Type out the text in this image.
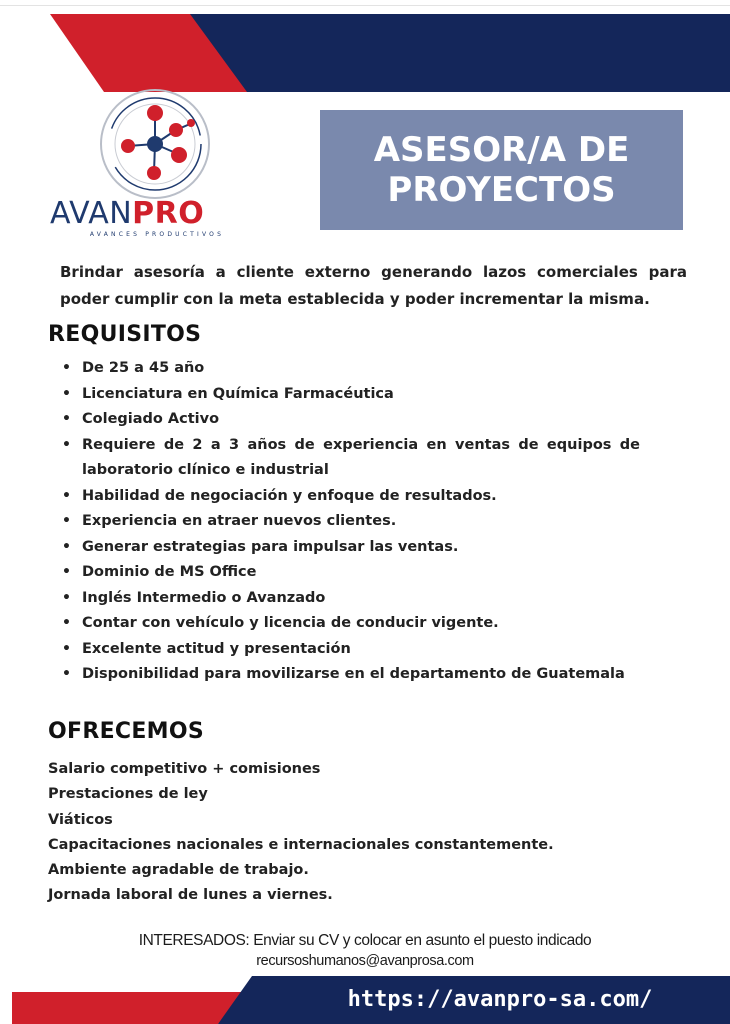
AVANPRO
AVANCES PRODUCTIVOS
ASESOR/A DE PROYECTOS
Brindar asesoría a cliente externo generando lazos comerciales para poder cumplir con la meta establecida y poder incrementar la misma.
REQUISITOS
• De 25 a 45 año
• Licenciatura en Química Farmacéutica
• Colegiado Activo
• Requiere de 2 a 3 años de experiencia en ventas de equipos de laboratorio clínico e industrial
• Habilidad de negociación y enfoque de resultados.
• Experiencia en atraer nuevos clientes.
• Generar estrategias para impulsar las ventas.
• Dominio de MS Office
• Inglés Intermedio o Avanzado
• Contar con vehículo y licencia de conducir vigente.
• Excelente actitud y presentación
• Disponibilidad para movilizarse en el departamento de Guatemala
OFRECEMOS
Salario competitivo + comisiones
Prestaciones de ley
Viáticos
Capacitaciones nacionales e internacionales constantemente.
Ambiente agradable de trabajo.
Jornada laboral de lunes a viernes.
INTERESADOS: Enviar su CV y colocar en asunto el puesto indicado
recursoshumanos@avanprosa.com
https://avanpro-sa.com/
